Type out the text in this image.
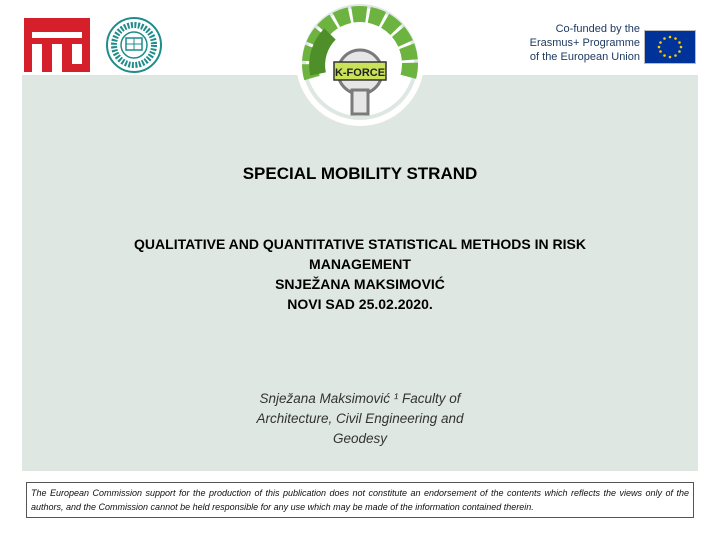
K-FORCE
Co-funded by the
Erasmus+ Programme
of the European Union
SPECIAL MOBILITY STRAND
QUALITATIVE AND QUANTITATIVE STATISTICAL METHODS IN RISK
MANAGEMENT
SNJEŽANA MAKSIMOVIĆ
NOVI SAD 25.02.2020.
Snježana Maksimović ¹ Faculty of
Architecture, Civil Engineering and
Geodesy
The European Commission support for the production of this publication does not constitute an endorsement of the contents which reflects the views only of the authors, and the Commission cannot be held responsible for any use which may be made of the information contained therein.
